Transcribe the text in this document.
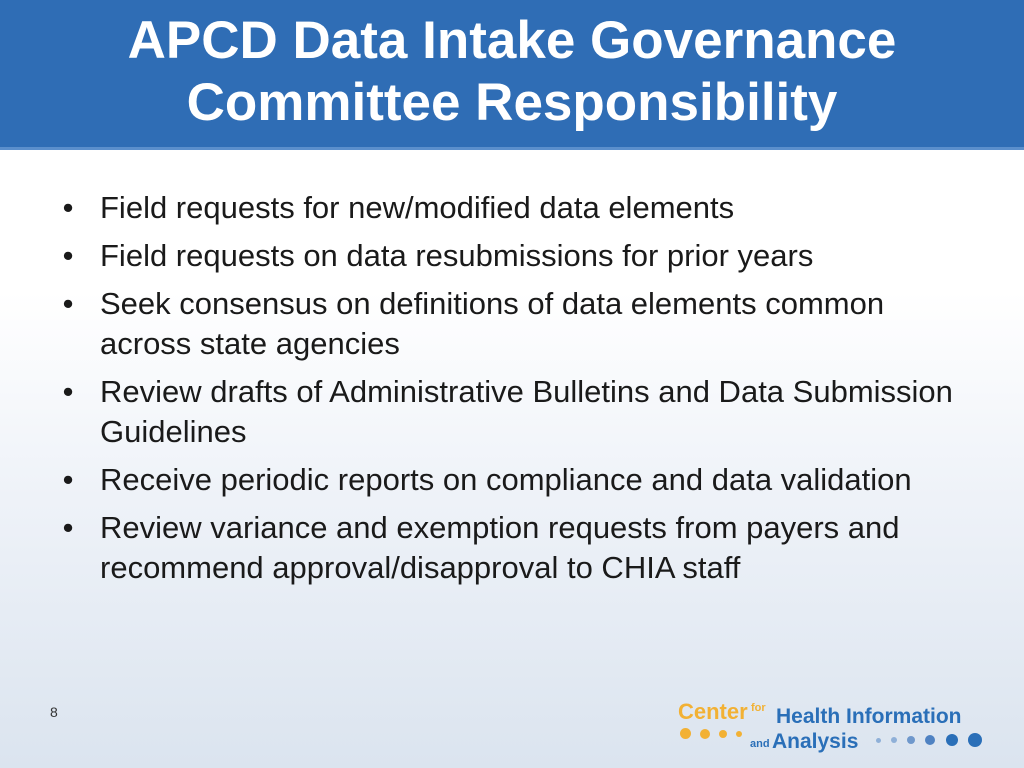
APCD Data Intake Governance Committee Responsibility
• Field requests for new/modified data elements
• Field requests on data resubmissions for prior years
• Seek consensus on definitions of data elements common across state agencies
• Review drafts of Administrative Bulletins and Data Submission Guidelines
• Receive periodic reports on compliance and data validation
• Review variance and exemption requests from payers and recommend approval/disapproval to CHIA staff
8	Center for Health Information
and Analysis
